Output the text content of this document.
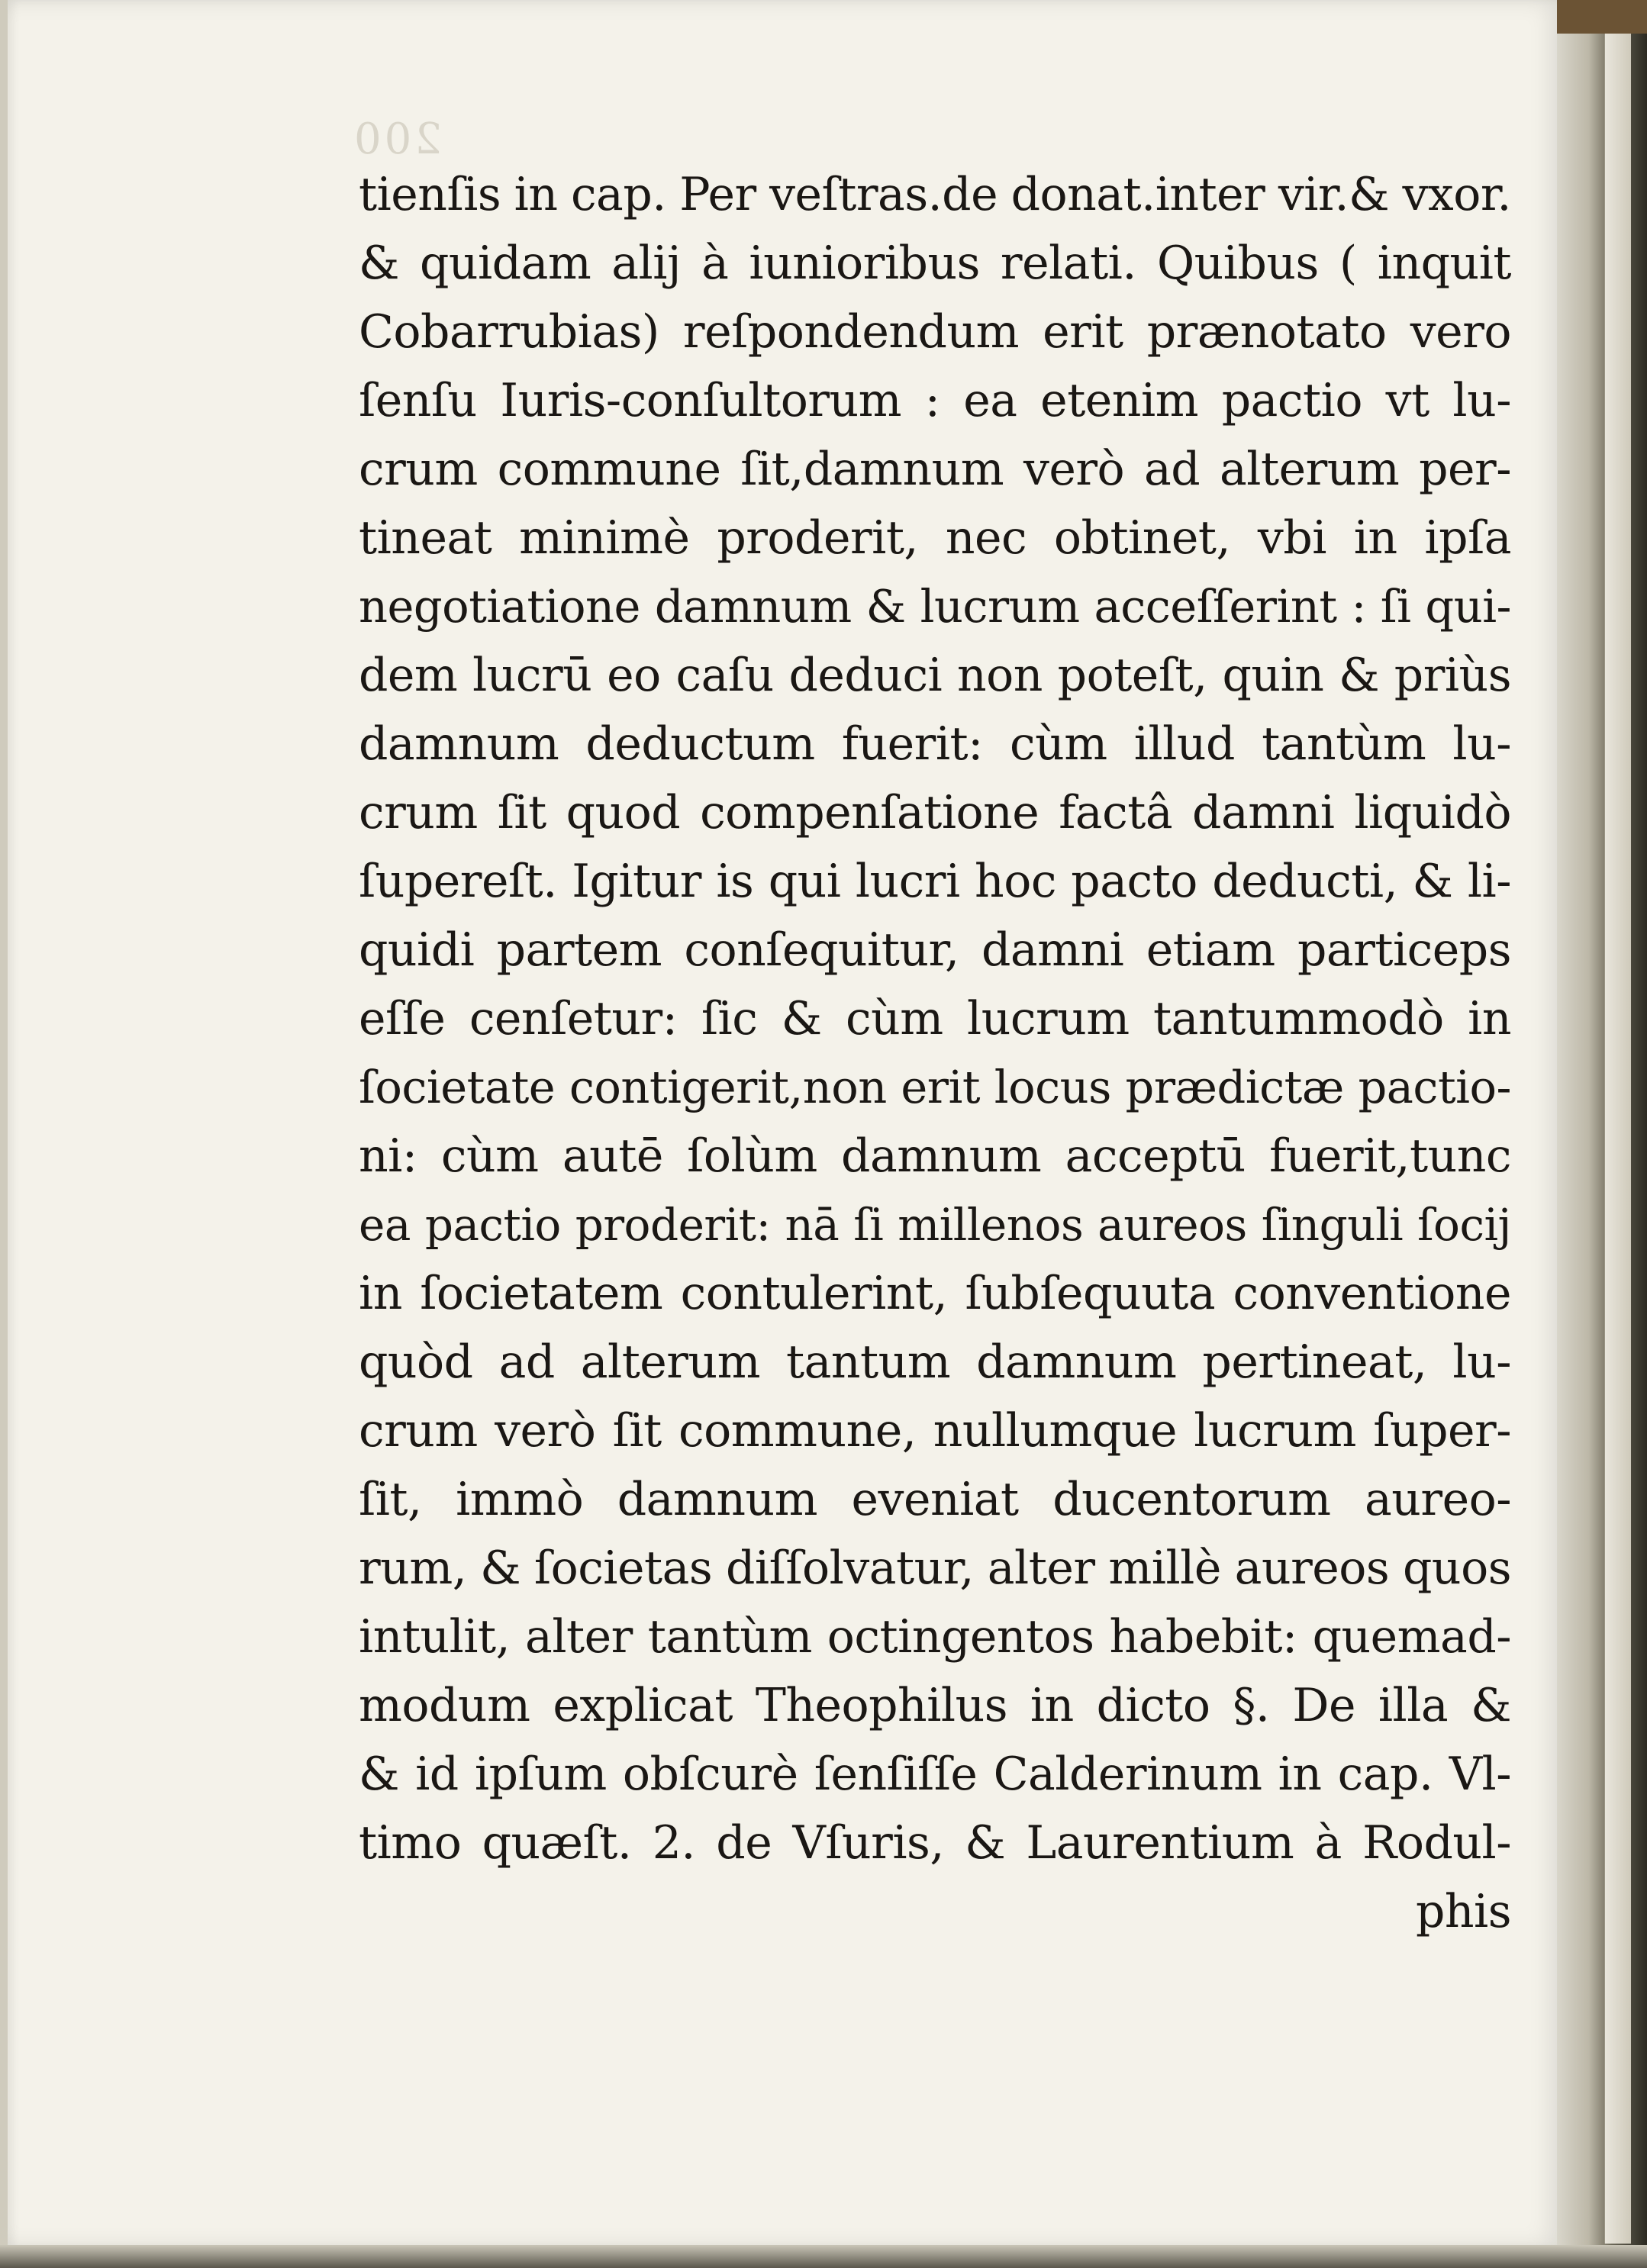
200
tienſis in cap. Per veſtras.de donat.inter vir.& vxor.
& quidam alij à iunioribus relati. Quibus ( inquit
Cobarrubias) reſpondendum erit prænotato vero
ſenſu Iuris-conſultorum : ea etenim pactio vt lu-
crum commune ſit,damnum verò ad alterum per-
tineat minimè proderit, nec obtinet, vbi in ipſa
negotiatione damnum & lucrum acceſſerint : ſi qui-
dem lucrū eo caſu deduci non poteſt, quin & priùs
damnum deductum fuerit: cùm illud tantùm lu-
crum ſit quod compenſatione factâ damni liquidò
ſupereſt. Igitur is qui lucri hoc pacto deducti, & li-
quidi partem conſequitur, damni etiam particeps
eſſe cenſetur: ſic & cùm lucrum tantummodò in
ſocietate contigerit,non erit locus prædictæ pactio-
ni: cùm autē ſolùm damnum acceptū fuerit,tunc
ea pactio proderit: nā ſi millenos aureos ſinguli ſocij
in ſocietatem contulerint, ſubſequuta conventione
quòd ad alterum tantum damnum pertineat, lu-
crum verò ſit commune, nullumque lucrum ſuper-
ſit, immò damnum eveniat ducentorum aureo-
rum, & ſocietas diſſolvatur, alter millè aureos quos
intulit, alter tantùm octingentos habebit: quemad-
modum explicat Theophilus in dicto §. De illa &
& id ipſum obſcurè ſenſiſſe Calderinum in cap. Vl-
timo quæſt. 2. de Vſuris, & Laurentium à Rodul-
phis
